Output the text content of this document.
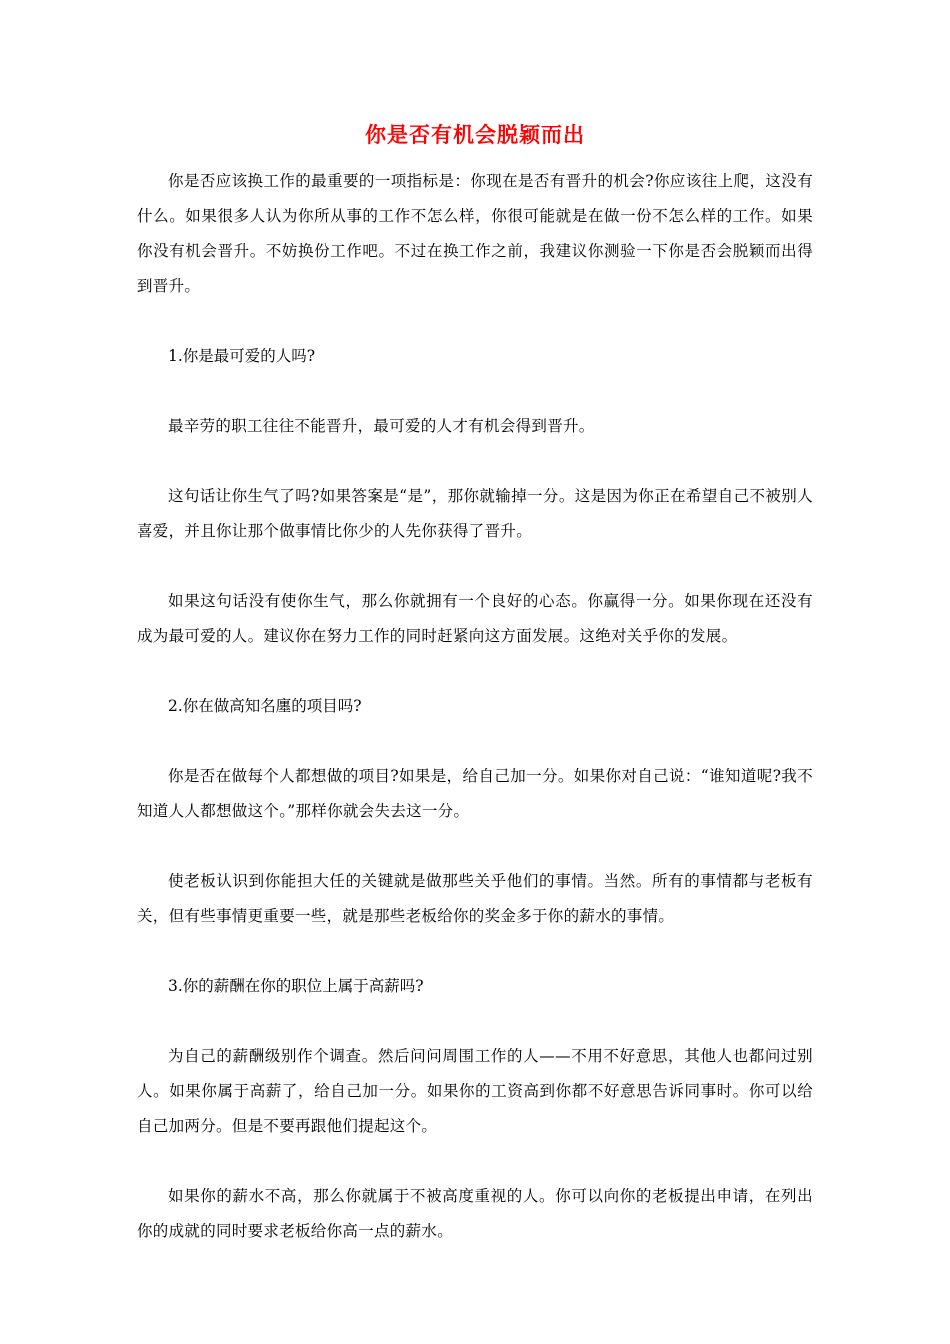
你是否有机会脱颖而出

你是否应该换工作的最重要的一项指标是：你现在是否有晋升的机会?你应该往上爬，这没有什么。如果很多人认为你所从事的工作不怎么样，你很可能就是在做一份不怎么样的工作。如果你没有机会晋升。不妨换份工作吧。不过在换工作之前，我建议你测验一下你是否会脱颖而出得到晋升。

1.你是最可爱的人吗?

最辛劳的职工往往不能晋升，最可爱的人才有机会得到晋升。

这句话让你生气了吗?如果答案是“是”，那你就输掉一分。这是因为你正在希望自己不被别人喜爱，并且你让那个做事情比你少的人先你获得了晋升。

如果这句话没有使你生气，那么你就拥有一个良好的心态。你赢得一分。如果你现在还没有成为最可爱的人。建议你在努力工作的同时赶紧向这方面发展。这绝对关乎你的发展。

2.你在做高知名廛的项目吗?

你是否在做每个人都想做的项目?如果是，给自己加一分。如果你对自己说：“谁知道呢?我不知道人人都想做这个。”那样你就会失去这一分。

使老板认识到你能担大任的关键就是做那些关乎他们的事情。当然。所有的事情都与老板有关，但有些事情更重要一些，就是那些老板给你的奖金多于你的薪水的事情。

3.你的薪酬在你的职位上属于高薪吗?

为自己的薪酬级别作个调查。然后问问周围工作的人——不用不好意思，其他人也都问过别人。如果你属于高薪了，给自己加一分。如果你的工资高到你都不好意思告诉同事时。你可以给自己加两分。但是不要再跟他们提起这个。

如果你的薪水不高，那么你就属于不被高度重视的人。你可以向你的老板提出申请，在列出你的成就的同时要求老板给你高一点的薪水。
